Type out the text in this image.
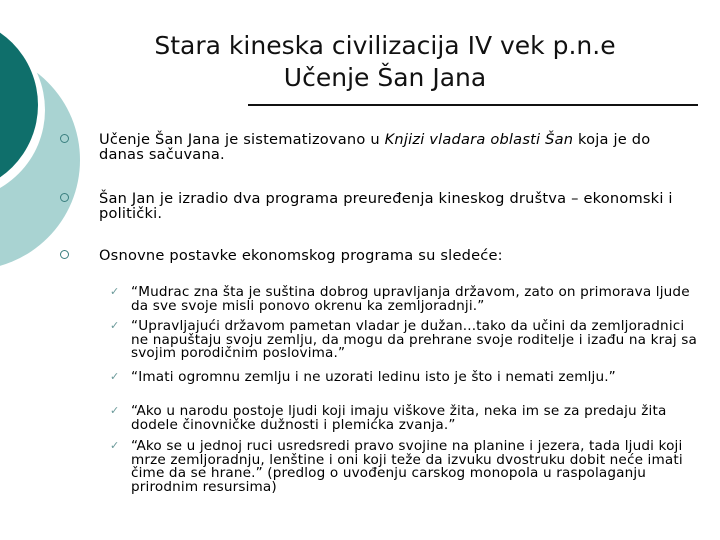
Stara kineska civilizacija IV vek p.n.e
Učenje Šan Jana
Učenje Šan Jana je sistematizovano u Knjizi vladara oblasti Šan koja je do danas sačuvana.
Šan Jan je izradio dva programa preuređenja kineskog društva – ekonomski i politički.
Osnovne postavke ekonomskog programa su sledeće:
✓ “Mudrac zna šta je suština dobrog upravljanja državom, zato on primorava ljude da sve svoje misli ponovo okrenu ka zemljoradnji.”
✓ “Upravljajući državom pametan vladar je dužan...tako da učini da zemljoradnici ne napuštaju svoju zemlju, da mogu da prehrane svoje roditelje i izađu na kraj sa svojim porodičnim poslovima.”
✓ “Imati ogromnu zemlju i ne uzorati ledinu isto je što i nemati zemlju.”
✓ “Ako u narodu postoje ljudi koji imaju viškove žita, neka im se za predaju žita dodele činovničke dužnosti i plemićka zvanja.”
✓ “Ako se u jednoj ruci usredsredi pravo svojine na planine i jezera, tada ljudi koji mrze zemljoradnju, lenštine i oni koji teže da izvuku dvostruku dobit neće imati čime da se hrane.” (predlog o uvođenju carskog monopola u raspolaganju prirodnim resursima)
